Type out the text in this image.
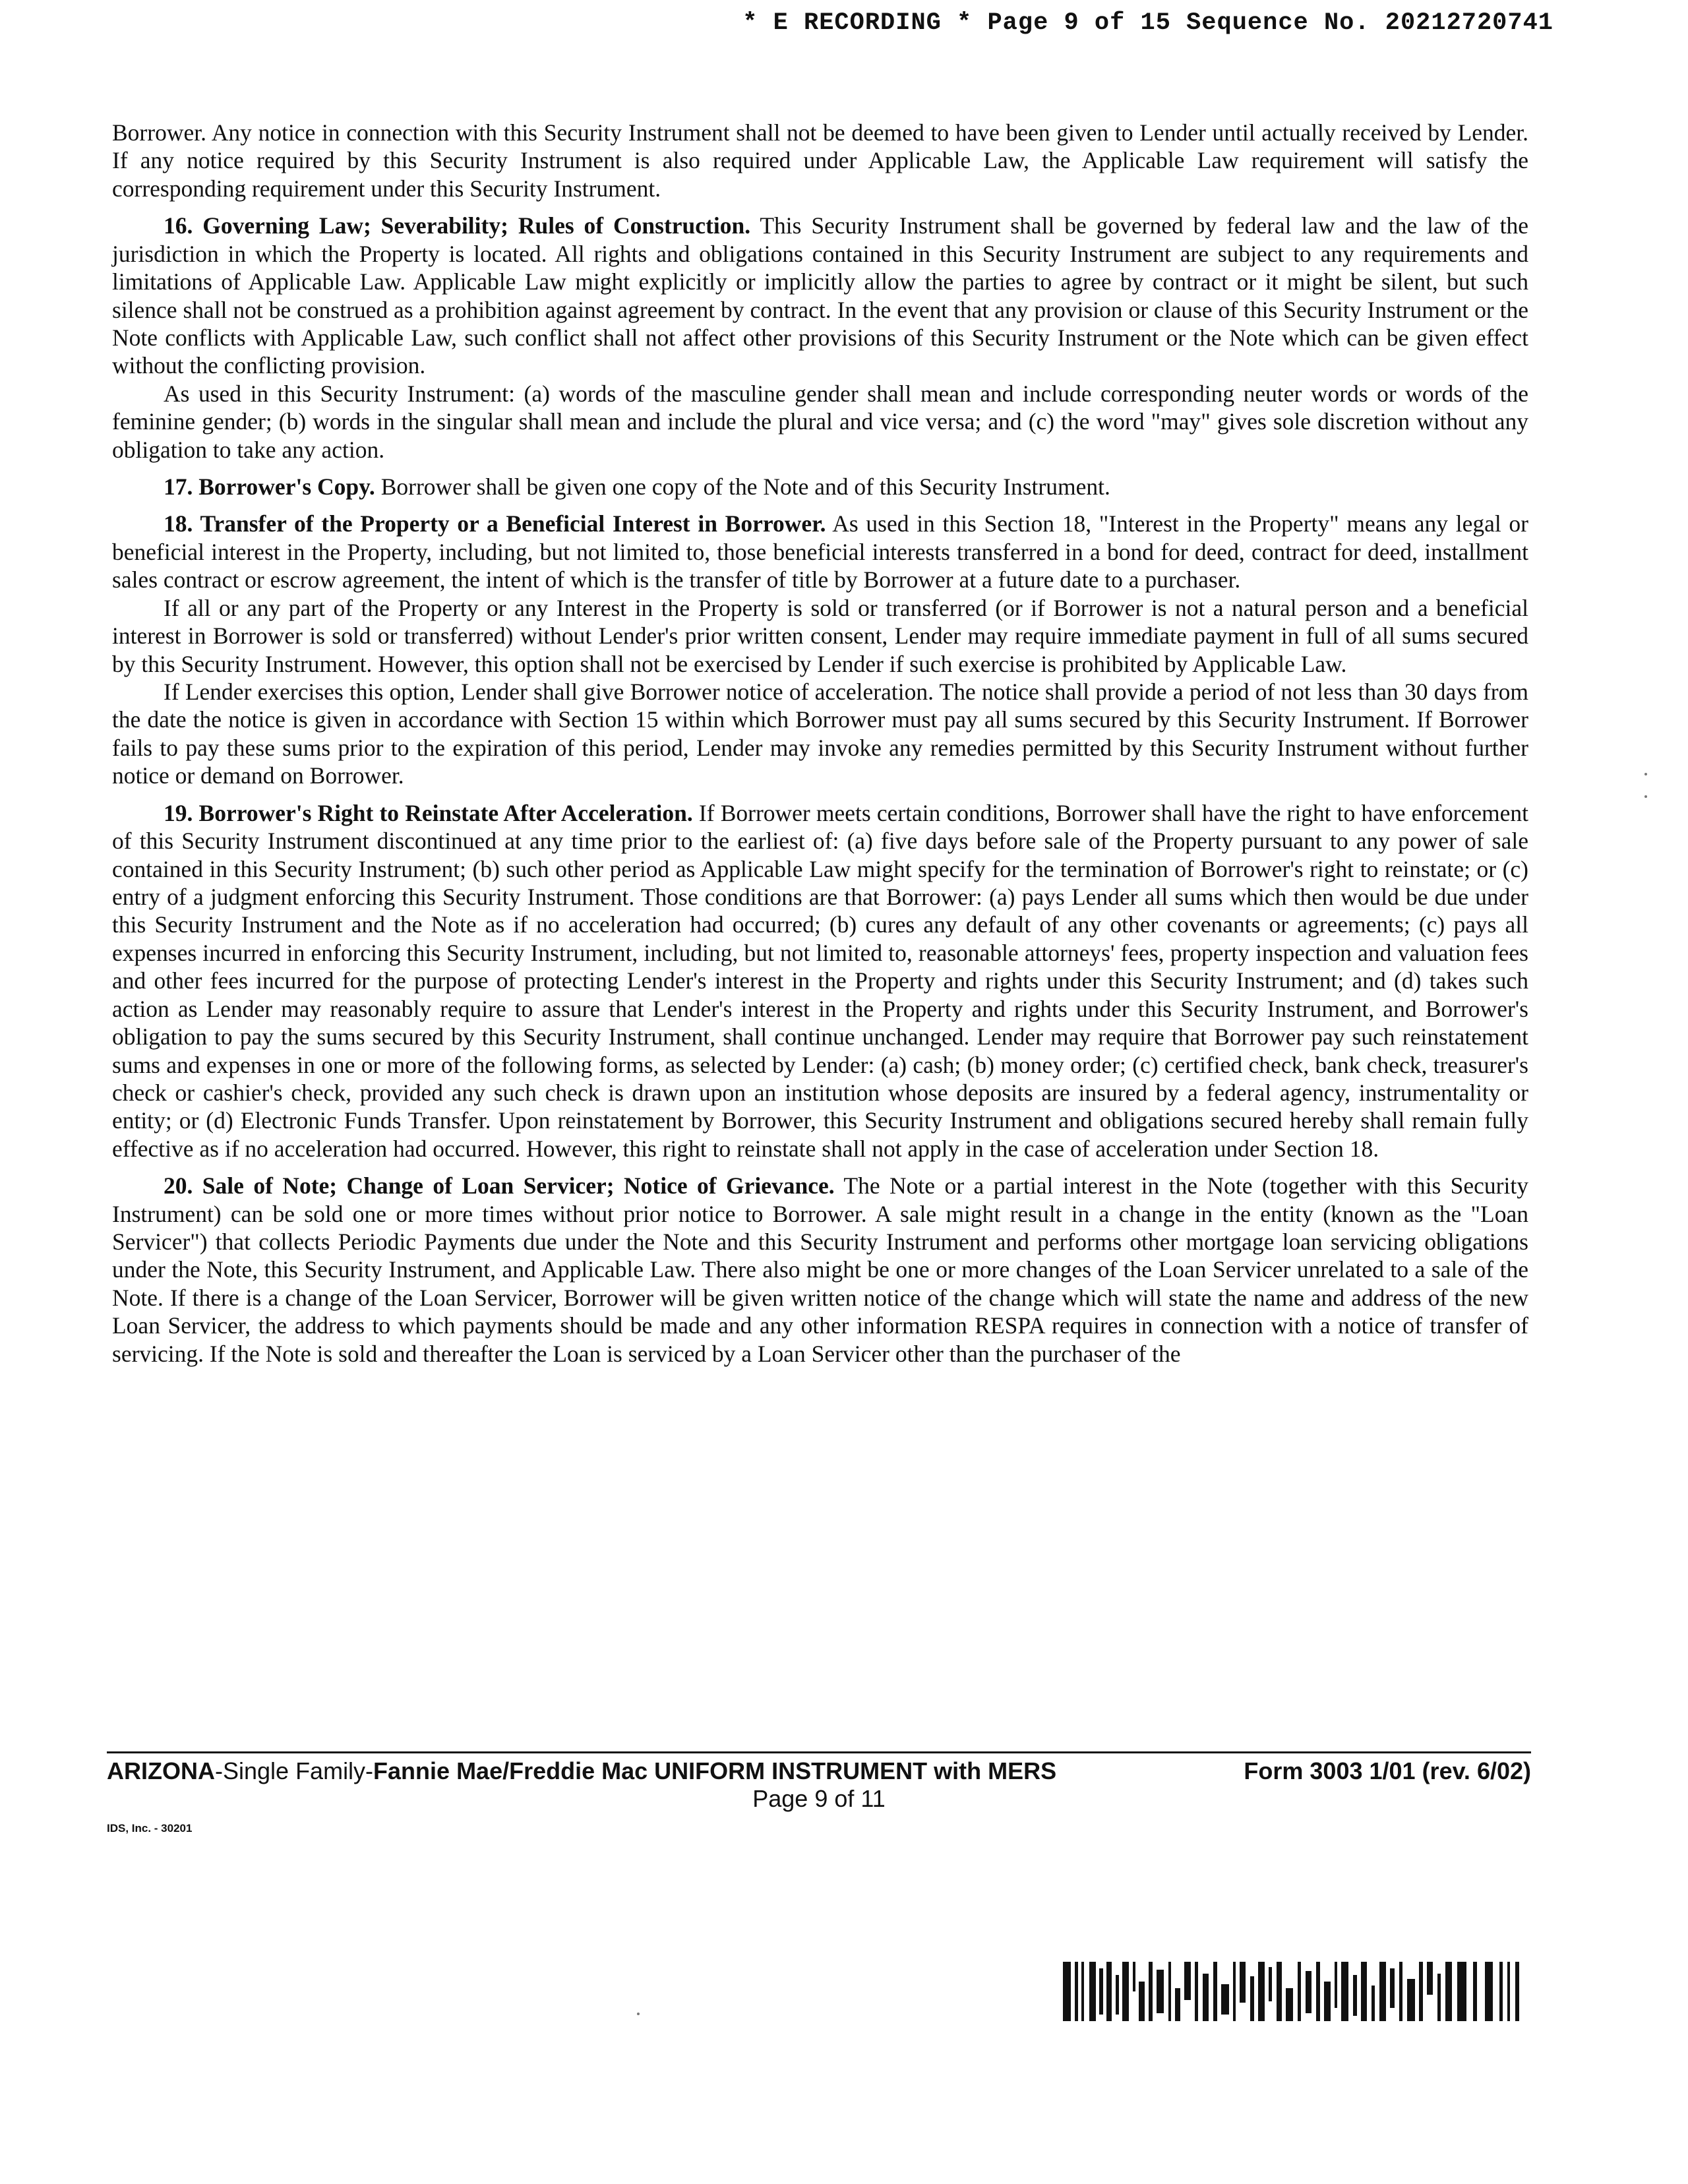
* E RECORDING * Page 9 of 15 Sequence No. 20212720741

Borrower. Any notice in connection with this Security Instrument shall not be deemed to have been given to Lender until actually received by Lender. If any notice required by this Security Instrument is also required under Applicable Law, the Applicable Law requirement will satisfy the corresponding requirement under this Security Instrument.

16. Governing Law; Severability; Rules of Construction. This Security Instrument shall be governed by federal law and the law of the jurisdiction in which the Property is located. All rights and obligations contained in this Security Instrument are subject to any requirements and limitations of Applicable Law. Applicable Law might explicitly or implicitly allow the parties to agree by contract or it might be silent, but such silence shall not be construed as a prohibition against agreement by contract. In the event that any provision or clause of this Security Instrument or the Note conflicts with Applicable Law, such conflict shall not affect other provisions of this Security Instrument or the Note which can be given effect without the conflicting provision.

As used in this Security Instrument: (a) words of the masculine gender shall mean and include corresponding neuter words or words of the feminine gender; (b) words in the singular shall mean and include the plural and vice versa; and (c) the word "may" gives sole discretion without any obligation to take any action.

17. Borrower's Copy. Borrower shall be given one copy of the Note and of this Security Instrument.

18. Transfer of the Property or a Beneficial Interest in Borrower. As used in this Section 18, "Interest in the Property" means any legal or beneficial interest in the Property, including, but not limited to, those beneficial interests transferred in a bond for deed, contract for deed, installment sales contract or escrow agreement, the intent of which is the transfer of title by Borrower at a future date to a purchaser.

If all or any part of the Property or any Interest in the Property is sold or transferred (or if Borrower is not a natural person and a beneficial interest in Borrower is sold or transferred) without Lender's prior written consent, Lender may require immediate payment in full of all sums secured by this Security Instrument. However, this option shall not be exercised by Lender if such exercise is prohibited by Applicable Law.

If Lender exercises this option, Lender shall give Borrower notice of acceleration. The notice shall provide a period of not less than 30 days from the date the notice is given in accordance with Section 15 within which Borrower must pay all sums secured by this Security Instrument. If Borrower fails to pay these sums prior to the expiration of this period, Lender may invoke any remedies permitted by this Security Instrument without further notice or demand on Borrower.

19. Borrower's Right to Reinstate After Acceleration. If Borrower meets certain conditions, Borrower shall have the right to have enforcement of this Security Instrument discontinued at any time prior to the earliest of: (a) five days before sale of the Property pursuant to any power of sale contained in this Security Instrument; (b) such other period as Applicable Law might specify for the termination of Borrower's right to reinstate; or (c) entry of a judgment enforcing this Security Instrument. Those conditions are that Borrower: (a) pays Lender all sums which then would be due under this Security Instrument and the Note as if no acceleration had occurred; (b) cures any default of any other covenants or agreements; (c) pays all expenses incurred in enforcing this Security Instrument, including, but not limited to, reasonable attorneys' fees, property inspection and valuation fees and other fees incurred for the purpose of protecting Lender's interest in the Property and rights under this Security Instrument; and (d) takes such action as Lender may reasonably require to assure that Lender's interest in the Property and rights under this Security Instrument, and Borrower's obligation to pay the sums secured by this Security Instrument, shall continue unchanged. Lender may require that Borrower pay such reinstatement sums and expenses in one or more of the following forms, as selected by Lender: (a) cash; (b) money order; (c) certified check, bank check, treasurer's check or cashier's check, provided any such check is drawn upon an institution whose deposits are insured by a federal agency, instrumentality or entity; or (d) Electronic Funds Transfer. Upon reinstatement by Borrower, this Security Instrument and obligations secured hereby shall remain fully effective as if no acceleration had occurred. However, this right to reinstate shall not apply in the case of acceleration under Section 18.

20. Sale of Note; Change of Loan Servicer; Notice of Grievance. The Note or a partial interest in the Note (together with this Security Instrument) can be sold one or more times without prior notice to Borrower. A sale might result in a change in the entity (known as the "Loan Servicer") that collects Periodic Payments due under the Note and this Security Instrument and performs other mortgage loan servicing obligations under the Note, this Security Instrument, and Applicable Law. There also might be one or more changes of the Loan Servicer unrelated to a sale of the Note. If there is a change of the Loan Servicer, Borrower will be given written notice of the change which will state the name and address of the new Loan Servicer, the address to which payments should be made and any other information RESPA requires in connection with a notice of transfer of servicing. If the Note is sold and thereafter the Loan is serviced by a Loan Servicer other than the purchaser of the

ARIZONA-Single Family-Fannie Mae/Freddie Mac UNIFORM INSTRUMENT with MERS	Form 3003 1/01 (rev. 6/02)
Page 9 of 11
IDS, Inc. - 30201
